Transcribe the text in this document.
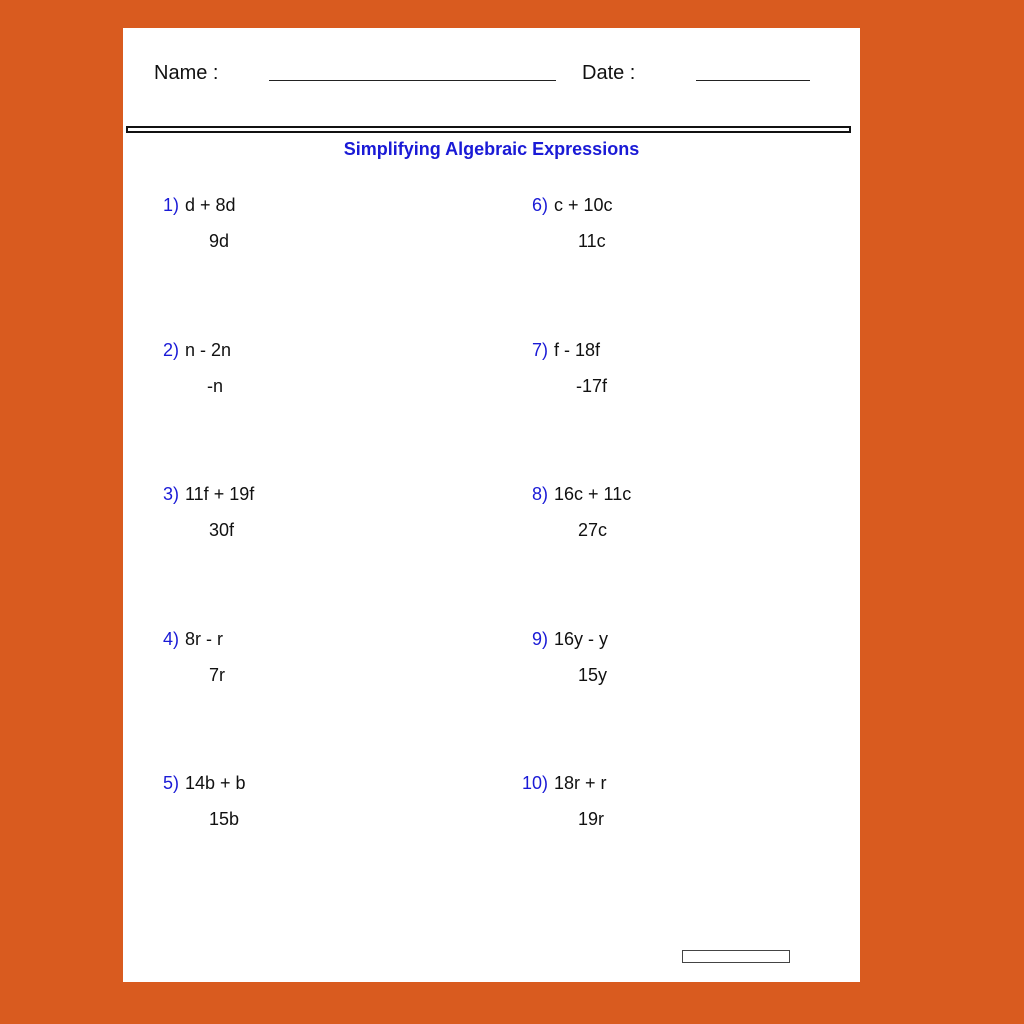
Name :	Date :
Simplifying Algebraic Expressions
1) d + 8d
9d
2) n - 2n
-n
3) 11f + 19f
30f
4) 8r - r
7r
5) 14b + b
15b
6) c + 10c
11c
7) f - 18f
-17f
8) 16c + 11c
27c
9) 16y - y
15y
10) 18r + r
19r
